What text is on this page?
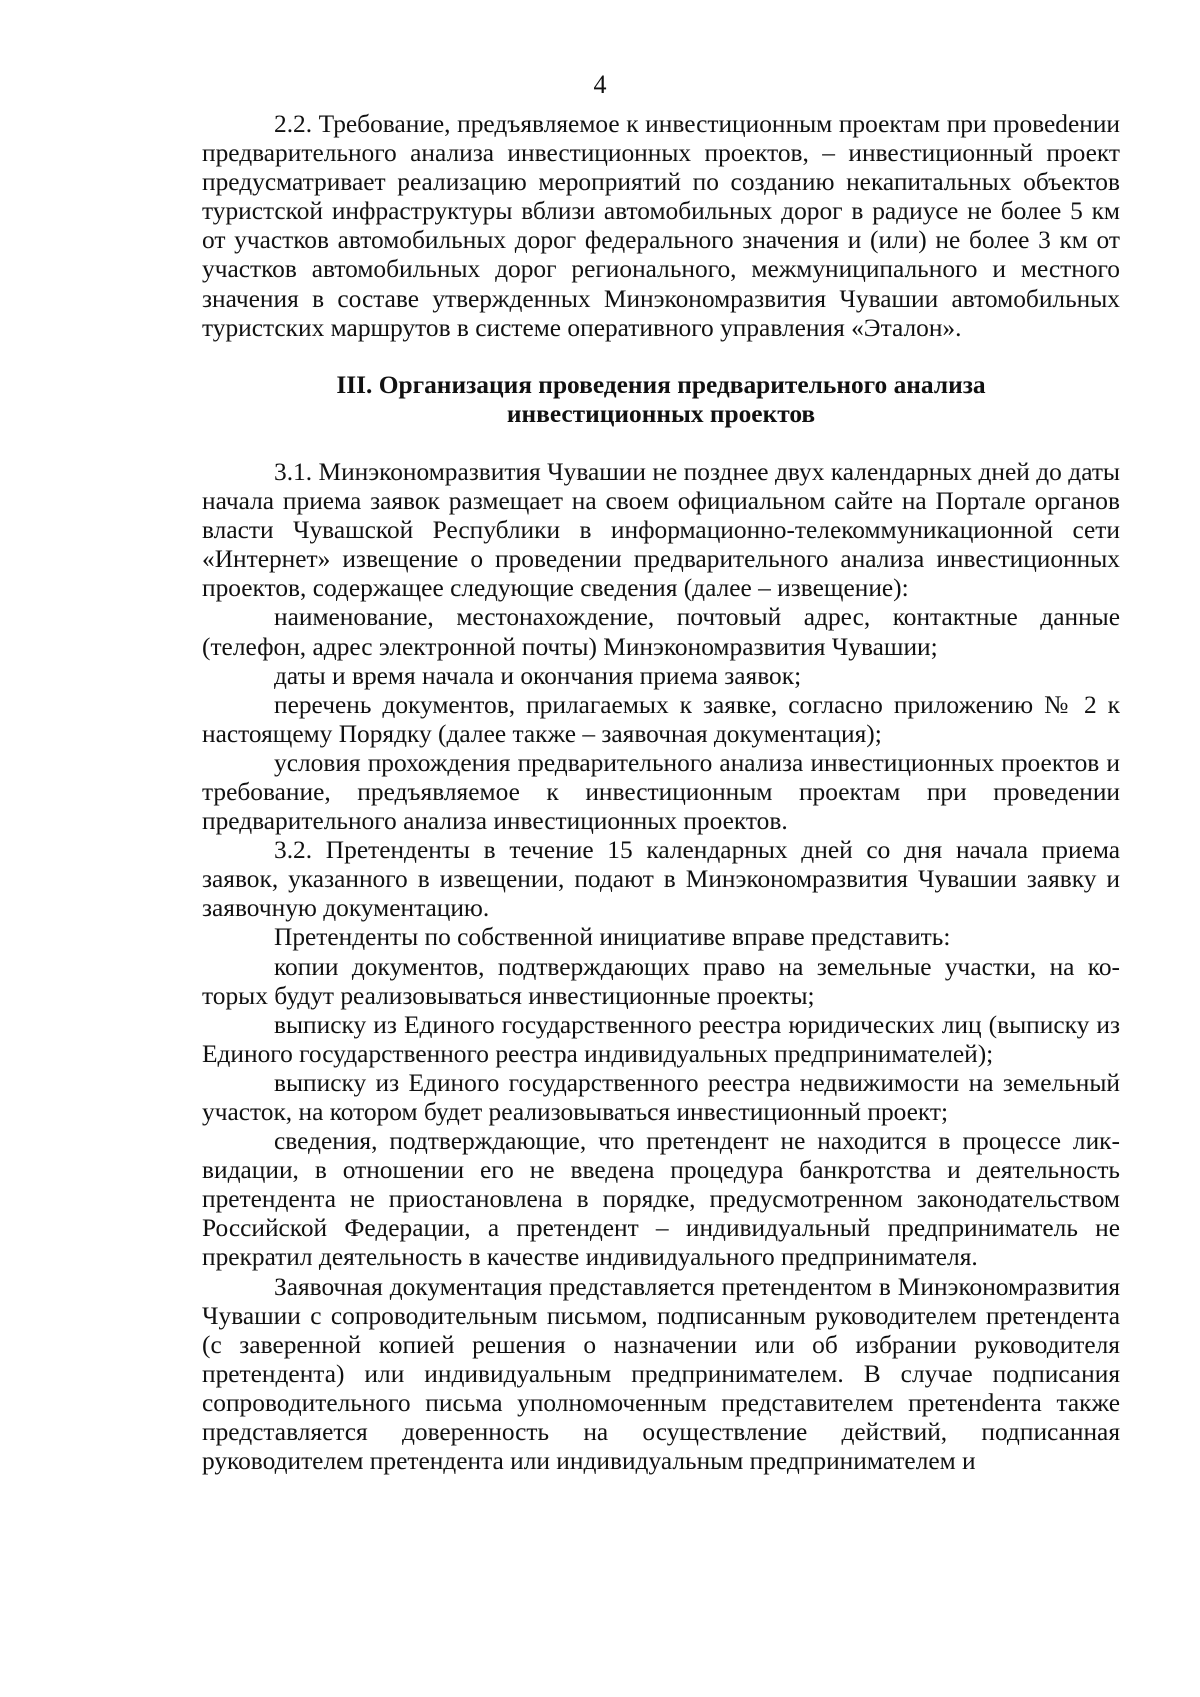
4

2.2. Требование, предъявляемое к инвестиционным проектам при провеdении предварительного анализа инвестиционных проектов, – инвестиционный проект предусматривает реализацию мероприятий по созданию некапитальных объектов туристской инфраструктуры вблизи автомобильных дорог в радиусе не более 5 км от участков автомобильных дорог федерального значения и (или) не более 3 км от участков автомобильных дорог регионального, межмуниципального и местного значения в составе утвержденных Минэкономразвития Чувашии автомобильных туристских маршрутов в системе оперативного управления «Эталон».

III. Организация проведения предварительного анализа
инвестиционных проектов

3.1. Минэкономразвития Чувашии не позднее двух календарных дней до даты начала приема заявок размещает на своем официальном сайте на Портале органов власти Чувашской Республики в информационно-телекоммуникационной сети «Интернет» извещение о проведении предварительного анализа инвестиционных проектов, содержащее следующие сведения (далее – извещение):

наименование, местонахождение, почтовый адрес, контактные данные (телефон, адрес электронной почты) Минэкономразвития Чувашии;

даты и время начала и окончания приема заявок;

перечень документов, прилагаемых к заявке, согласно приложению № 2 к настоящему Порядку (далее также – заявочная документация);

условия прохождения предварительного анализа инвестиционных проектов и требование, предъявляемое к инвестиционным проектам при проведении предварительного анализа инвестиционных проектов.

3.2. Претенденты в течение 15 календарных дней со дня начала приема заявок, указанного в извещении, подают в Минэкономразвития Чувашии заявку и заявочную документацию.

Претенденты по собственной инициативе вправе представить:

копии документов, подтверждающих право на земельные участки, на которых будут реализовываться инвестиционные проекты;

выписку из Единого государственного реестра юридических лиц (выписку из Единого государственного реестра индивидуальных предпринимателей);

выписку из Единого государственного реестра недвижимости на земельный участок, на котором будет реализовываться инвестиционный проект;

сведения, подтверждающие, что претендент не находится в процессе ликвидации, в отношении его не введена процедура банкротства и деятельность претендента не приостановлена в порядке, предусмотренном законодательством Российской Федерации, а претендент – индивидуальный предприниматель не прекратил деятельность в качестве индивидуального предпринимателя.

Заявочная документация представляется претендентом в Минэкономразвития Чувашии с сопроводительным письмом, подписанным руководителем претендента (с заверенной копией решения о назначении или об избрании руководителя претендента) или индивидуальным предпринимателем. В случае подписания сопроводительного письма уполномоченным представителем претенdента также представляется доверенность на осуществление действий, подписанная руководителем претендента или индивидуальным предпринимателем и
